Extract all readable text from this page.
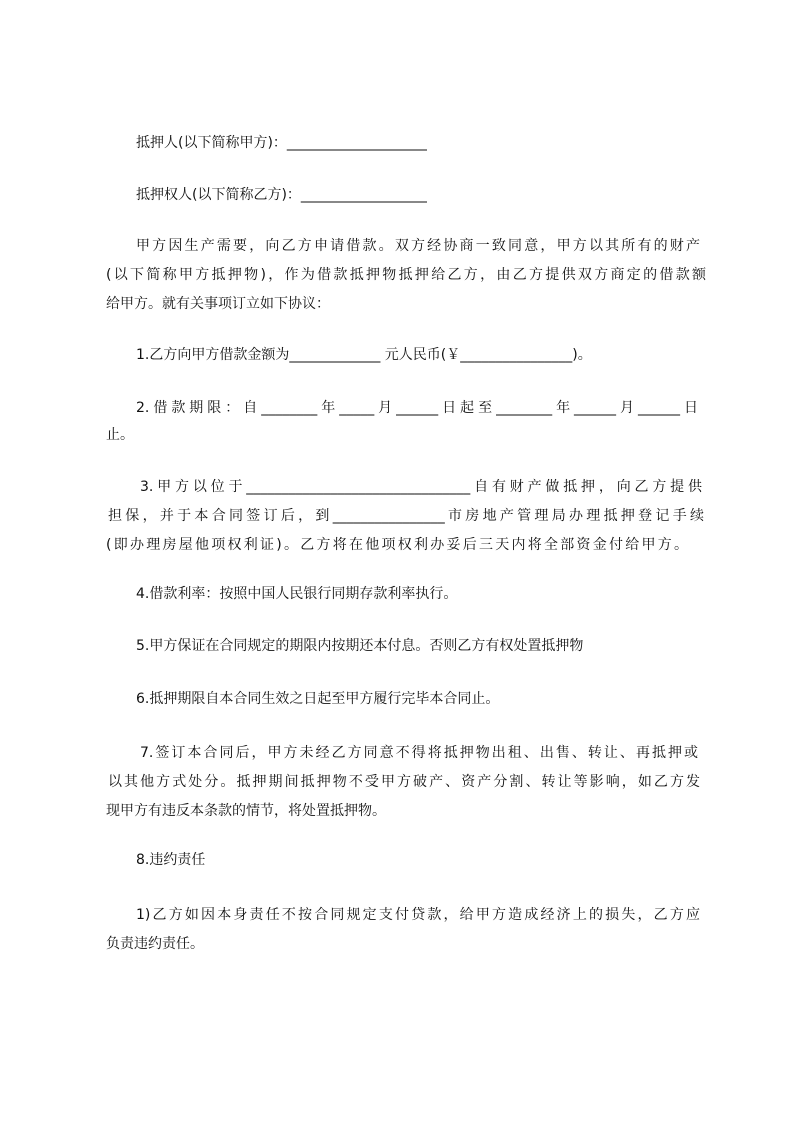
抵押人(以下简称甲方)：____________________
抵押权人(以下简称乙方)：__________________
甲方因生产需要，向乙方申请借款。双方经协商一致同意，甲方以其所有的财产
(以下简称甲方抵押物)，作为借款抵押物抵押给乙方，由乙方提供双方商定的借款额
给甲方。就有关事项订立如下协议：
1.乙方向甲方借款金额为_____________ 元人民币(￥________________)。
2.借款期限：自________年_____月______日起至________年______月______日
止。
3.甲方以位于________________________________自有财产做抵押，向乙方提供
担保，并于本合同签订后，到________________市房地产管理局办理抵押登记手续
(即办理房屋他项权利证)。乙方将在他项权利办妥后三天内将全部资金付给甲方。
4.借款利率：按照中国人民银行同期存款利率执行。
5.甲方保证在合同规定的期限内按期还本付息。否则乙方有权处置抵押物
6.抵押期限自本合同生效之日起至甲方履行完毕本合同止。
7.签订本合同后，甲方未经乙方同意不得将抵押物出租、出售、转让、再抵押或
以其他方式处分。抵押期间抵押物不受甲方破产、资产分割、转让等影响，如乙方发
现甲方有违反本条款的情节，将处置抵押物。
8.违约责任
1)乙方如因本身责任不按合同规定支付贷款，给甲方造成经济上的损失，乙方应
负责违约责任。
